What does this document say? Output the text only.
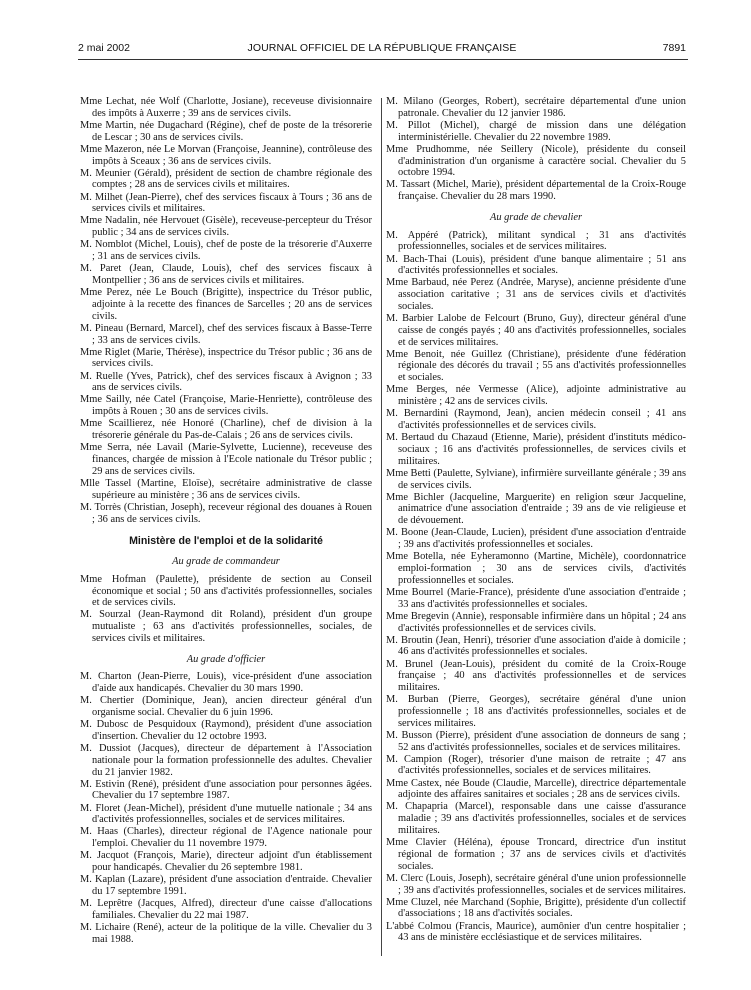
2 mai 2002	JOURNAL OFFICIEL DE LA RÉPUBLIQUE FRANÇAISE	7891

Mme Lechat, née Wolf (Charlotte, Josiane), receveuse divisionnaire des impôts à Auxerre ; 39 ans de services civils.

Mme Martin, née Dugachard (Régine), chef de poste de la trésorerie de Lescar ; 30 ans de services civils.

Mme Mazeron, née Le Morvan (Françoise, Jeannine), contrôleuse des impôts à Sceaux ; 36 ans de services civils.

M. Meunier (Gérald), président de section de chambre régionale des comptes ; 28 ans de services civils et militaires.

M. Milhet (Jean-Pierre), chef des services fiscaux à Tours ; 36 ans de services civils et militaires.

Mme Nadalin, née Hervouet (Gisèle), receveuse-percepteur du Trésor public ; 34 ans de services civils.

M. Nomblot (Michel, Louis), chef de poste de la trésorerie d'Auxerre ; 31 ans de services civils.

M. Paret (Jean, Claude, Louis), chef des services fiscaux à Montpellier ; 36 ans de services civils et militaires.

Mme Perez, née Le Bouch (Brigitte), inspectrice du Trésor public, adjointe à la recette des finances de Sarcelles ; 20 ans de services civils.

M. Pineau (Bernard, Marcel), chef des services fiscaux à Basse-Terre ; 33 ans de services civils.

Mme Riglet (Marie, Thérèse), inspectrice du Trésor public ; 36 ans de services civils.

M. Ruelle (Yves, Patrick), chef des services fiscaux à Avignon ; 33 ans de services civils.

Mme Sailly, née Catel (Françoise, Marie-Henriette), contrôleuse des impôts à Rouen ; 30 ans de services civils.

Mme Scaillierez, née Honoré (Charline), chef de division à la trésorerie générale du Pas-de-Calais ; 26 ans de services civils.

Mme Serra, née Lavail (Marie-Sylvette, Lucienne), receveuse des finances, chargée de mission à l'Ecole nationale du Trésor public ; 29 ans de services civils.

Mlle Tassel (Martine, Eloïse), secrétaire administrative de classe supérieure au ministère ; 36 ans de services civils.

M. Torrès (Christian, Joseph), receveur régional des douanes à Rouen ; 36 ans de services civils.

Ministère de l'emploi et de la solidarité
Au grade de commandeur

Mme Hofman (Paulette), présidente de section au Conseil économique et social ; 50 ans d'activités professionnelles, sociales et de services civils.

M. Sourzal (Jean-Raymond dit Roland), président d'un groupe mutualiste ; 63 ans d'activités professionnelles, sociales, de services civils et militaires.

Au grade d'officier

M. Charton (Jean-Pierre, Louis), vice-président d'une association d'aide aux handicapés. Chevalier du 30 mars 1990.

M. Chertier (Dominique, Jean), ancien directeur général d'un organisme social. Chevalier du 6 juin 1996.

M. Dubosc de Pesquidoux (Raymond), président d'une association d'insertion. Chevalier du 12 octobre 1993.

M. Dussiot (Jacques), directeur de département à l'Association nationale pour la formation professionnelle des adultes. Chevalier du 21 janvier 1982.

M. Estivin (René), président d'une association pour personnes âgées. Chevalier du 17 septembre 1987.

M. Floret (Jean-Michel), président d'une mutuelle nationale ; 34 ans d'activités professionnelles, sociales et de services militaires.

M. Haas (Charles), directeur régional de l'Agence nationale pour l'emploi. Chevalier du 11 novembre 1979.

M. Jacquot (François, Marie), directeur adjoint d'un établissement pour handicapés. Chevalier du 26 septembre 1981.

M. Kaplan (Lazare), président d'une association d'entraide. Chevalier du 17 septembre 1991.

M. Leprêtre (Jacques, Alfred), directeur d'une caisse d'allocations familiales. Chevalier du 22 mai 1987.

M. Lichaire (René), acteur de la politique de la ville. Chevalier du 3 mai 1988.

M. Milano (Georges, Robert), secrétaire départemental d'une union patronale. Chevalier du 12 janvier 1986.

M. Pillot (Michel), chargé de mission dans une délégation interministérielle. Chevalier du 22 novembre 1989.

Mme Prudhomme, née Seillery (Nicole), présidente du conseil d'administration d'un organisme à caractère social. Chevalier du 5 octobre 1994.

M. Tassart (Michel, Marie), président départemental de la Croix-Rouge française. Chevalier du 28 mars 1990.

Au grade de chevalier

M. Appéré (Patrick), militant syndical ; 31 ans d'activités professionnelles, sociales et de services militaires.

M. Bach-Thai (Louis), président d'une banque alimentaire ; 51 ans d'activités professionnelles et sociales.

Mme Barbaud, née Perez (Andrée, Maryse), ancienne présidente d'une association caritative ; 31 ans de services civils et d'activités sociales.

M. Barbier Lalobe de Felcourt (Bruno, Guy), directeur général d'une caisse de congés payés ; 40 ans d'activités professionnelles, sociales et de services militaires.

Mme Benoit, née Guillez (Christiane), présidente d'une fédération régionale des décorés du travail ; 55 ans d'activités professionnelles et sociales.

Mme Berges, née Vermesse (Alice), adjointe administrative au ministère ; 42 ans de services civils.

M. Bernardini (Raymond, Jean), ancien médecin conseil ; 41 ans d'activités professionnelles et de services civils.

M. Bertaud du Chazaud (Etienne, Marie), président d'instituts médico-sociaux ; 16 ans d'activités professionnelles, de services civils et militaires.

Mme Betti (Paulette, Sylviane), infirmière surveillante générale ; 39 ans de services civils.

Mme Bichler (Jacqueline, Marguerite) en religion sœur Jacqueline, animatrice d'une association d'entraide ; 39 ans de vie religieuse et de dévouement.

M. Boone (Jean-Claude, Lucien), président d'une association d'entraide ; 39 ans d'activités professionnelles et sociales.

Mme Botella, née Eyheramonno (Martine, Michèle), coordonnatrice emploi-formation ; 30 ans de services civils, d'activités professionnelles et sociales.

Mme Bourrel (Marie-France), présidente d'une association d'entraide ; 33 ans d'activités professionnelles et sociales.

Mme Bregevin (Annie), responsable infirmière dans un hôpital ; 24 ans d'activités professionnelles et de services civils.

M. Broutin (Jean, Henri), trésorier d'une association d'aide à domicile ; 46 ans d'activités professionnelles et sociales.

M. Brunel (Jean-Louis), président du comité de la Croix-Rouge française ; 40 ans d'activités professionnelles et de services militaires.

M. Burban (Pierre, Georges), secrétaire général d'une union professionnelle ; 18 ans d'activités professionnelles, sociales et de services militaires.

M. Busson (Pierre), président d'une association de donneurs de sang ; 52 ans d'activités professionnelles, sociales et de services militaires.

M. Campion (Roger), trésorier d'une maison de retraite ; 47 ans d'activités professionnelles, sociales et de services militaires.

Mme Castex, née Boude (Claudie, Marcelle), directrice départementale adjointe des affaires sanitaires et sociales ; 28 ans de services civils.

M. Chapapria (Marcel), responsable dans une caisse d'assurance maladie ; 39 ans d'activités professionnelles, sociales et de services militaires.

Mme Clavier (Héléna), épouse Troncard, directrice d'un institut régional de formation ; 37 ans de services civils et d'activités sociales.

M. Clerc (Louis, Joseph), secrétaire général d'une union professionnelle ; 39 ans d'activités professionnelles, sociales et de services militaires.

Mme Cluzel, née Marchand (Sophie, Brigitte), présidente d'un collectif d'associations ; 18 ans d'activités sociales.

L'abbé Colmou (Francis, Maurice), aumônier d'un centre hospitalier ; 43 ans de ministère ecclésiastique et de services militaires.
